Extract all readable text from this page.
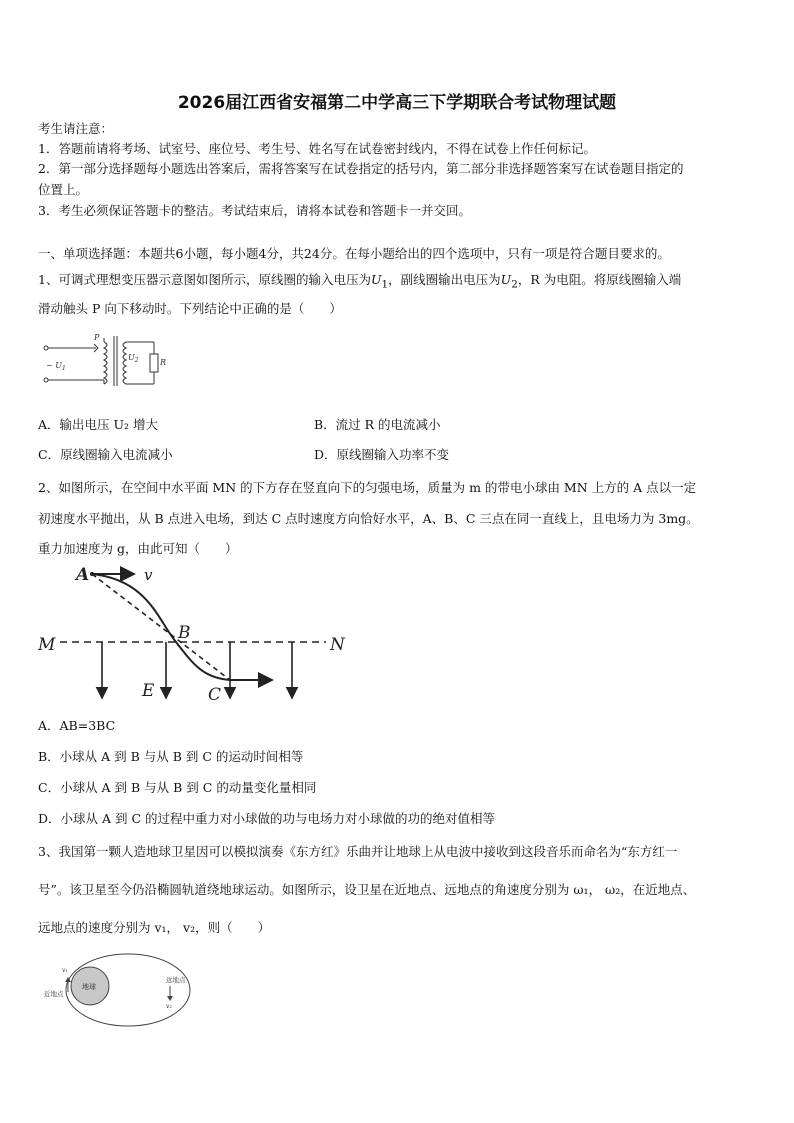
2026届江西省安福第二中学高三下学期联合考试物理试题
考生请注意：
1．答题前请将考场、试室号、座位号、考生号、姓名写在试卷密封线内，不得在试卷上作任何标记。
2．第一部分选择题每小题选出答案后，需将答案写在试卷指定的括号内，第二部分非选择题答案写在试卷题目指定的
位置上。
3．考生必须保证答题卡的整洁。考试结束后，请将本试卷和答题卡一并交回。
一、单项选择题：本题共6小题，每小题4分，共24分。在每小题给出的四个选项中，只有一项是符合题目要求的。
1、可调式理想变压器示意图如图所示，原线圈的输入电压为$U_1$，副线圈输出电压为$U_2$，R 为电阻。将原线圈输入端
滑动触头 P 向下移动时。下列结论中正确的是（　　）
P
~ $U_1$
$U_2$	R
A．输出电压 U₂ 增大	B．流过 R 的电流减小
C．原线圈输入电流减小	D．原线圈输入功率不变
2、如图所示，在空间中水平面 MN 的下方存在竖直向下的匀强电场，质量为 m 的带电小球由 MN 上方的 A 点以一定
初速度水平抛出，从 B 点进入电场，到达 C 点时速度方向恰好水平，A、B、C 三点在同一直线上，且电场力为 3mg。
重力加速度为 g，由此可知（　　）
A	v
M
B
N
E	C
A．AB=3BC
B．小球从 A 到 B 与从 B 到 C 的运动时间相等
C．小球从 A 到 B 与从 B 到 C 的动量变化量相同
D．小球从 A 到 C 的过程中重力对小球做的功与电场力对小球做的功的绝对值相等
3、我国第一颗人造地球卫星因可以模拟演奏《东方红》乐曲并让地球上从电波中接收到这段音乐而命名为“东方红一
号”。该卫星至今仍沿椭圆轨道绕地球运动。如图所示，设卫星在近地点、远地点的角速度分别为 ω₁， ω₂，在近地点、
远地点的速度分别为 v₁， v₂，则（　　）
地球
v₁
近地点
v₂
远地点
